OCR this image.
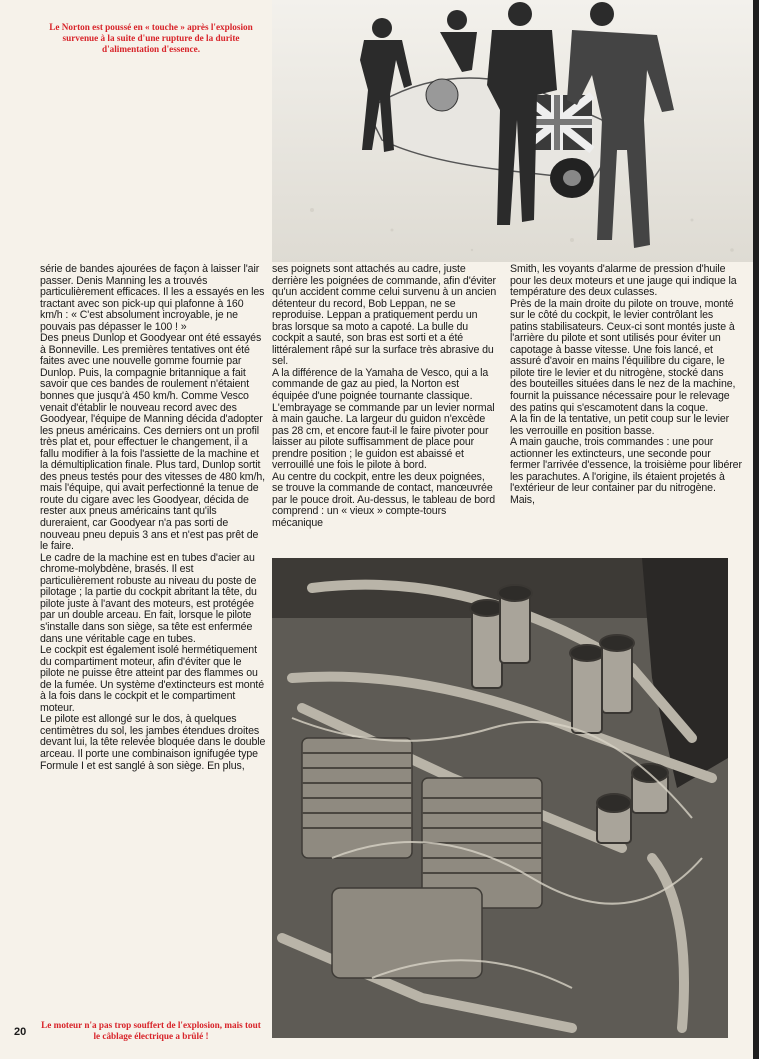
Le Norton est poussé en « touche » après l'explosion survenue à la suite d'une rupture de la durite d'alimentation d'essence.

série de bandes ajourées de façon à laisser l'air passer. Denis Manning les a trouvés particulièrement efficaces. Il les a essayés en les tractant avec son pick-up qui plafonne à 160 km/h : « C'est absolument incroyable, je ne pouvais pas dépasser le 100 ! »

Des pneus Dunlop et Goodyear ont été essayés à Bonneville. Les premières tentatives ont été faites avec une nouvelle gomme fournie par Dunlop. Puis, la compagnie britannique a fait savoir que ces bandes de roulement n'étaient bonnes que jusqu'à 450 km/h. Comme Vesco venait d'établir le nouveau record avec des Goodyear, l'équipe de Manning décida d'adopter les pneus américains. Ces derniers ont un profil très plat et, pour effectuer le changement, il a fallu modifier à la fois l'assiette de la machine et la démultiplication finale. Plus tard, Dunlop sortit des pneus testés pour des vitesses de 480 km/h, mais l'équipe, qui avait perfectionné la tenue de route du cigare avec les Goodyear, décida de rester aux pneus américains tant qu'ils dureraient, car Goodyear n'a pas sorti de nouveau pneu depuis 3 ans et n'est pas prêt de le faire.

Le cadre de la machine est en tubes d'acier au chrome-molybdène, brasés. Il est particulièrement robuste au niveau du poste de pilotage ; la partie du cockpit abritant la tête, du pilote juste à l'avant des moteurs, est protégée par un double arceau. En fait, lorsque le pilote s'installe dans son siège, sa tête est enfermée dans une véritable cage en tubes.

Le cockpit est également isolé hermétiquement du compartiment moteur, afin d'éviter que le pilote ne puisse être atteint par des flammes ou de la fumée. Un système d'extincteurs est monté à la fois dans le cockpit et le compartiment moteur.

Le pilote est allongé sur le dos, à quelques centimètres du sol, les jambes étendues droites devant lui, la tête relevée bloquée dans le double arceau. Il porte une combinaison ignifugée type Formule I et est sanglé à son siège. En plus,

ses poignets sont attachés au cadre, juste derrière les poignées de commande, afin d'éviter qu'un accident comme celui survenu à un ancien détenteur du record, Bob Leppan, ne se reproduise. Leppan a pratiquement perdu un bras lorsque sa moto a capoté. La bulle du cockpit a sauté, son bras est sorti et a été littéralement râpé sur la surface très abrasive du sel.

A la différence de la Yamaha de Vesco, qui a la commande de gaz au pied, la Norton est équipée d'une poignée tournante classique. L'embrayage se commande par un levier normal à main gauche. La largeur du guidon n'excède pas 28 cm, et encore faut-il le faire pivoter pour laisser au pilote suffisamment de place pour prendre position ; le guidon est abaissé et verrouillé une fois le pilote à bord.

Au centre du cockpit, entre les deux poignées, se trouve la commande de contact, manœuvrée par le pouce droit. Au-dessus, le tableau de bord comprend : un « vieux » compte-tours mécanique

Smith, les voyants d'alarme de pression d'huile pour les deux moteurs et une jauge qui indique la température des deux culasses.

Près de la main droite du pilote on trouve, monté sur le côté du cockpit, le levier contrôlant les patins stabilisateurs. Ceux-ci sont montés juste à l'arrière du pilote et sont utilisés pour éviter un capotage à basse vitesse. Une fois lancé, et assuré d'avoir en mains l'équilibre du cigare, le pilote tire le levier et du nitrogène, stocké dans des bouteilles situées dans le nez de la machine, fournit la puissance nécessaire pour le relevage des patins qui s'escamotent dans la coque.

A la fin de la tentative, un petit coup sur le levier les verrouille en position basse.

A main gauche, trois commandes : une pour actionner les extincteurs, une seconde pour fermer l'arrivée d'essence, la troisième pour libérer les parachutes. A l'origine, ils étaient projetés à l'extérieur de leur container par du nitrogène. Mais,

Le moteur n'a pas trop souffert de l'explosion, mais tout le câblage électrique a brûlé !
20
